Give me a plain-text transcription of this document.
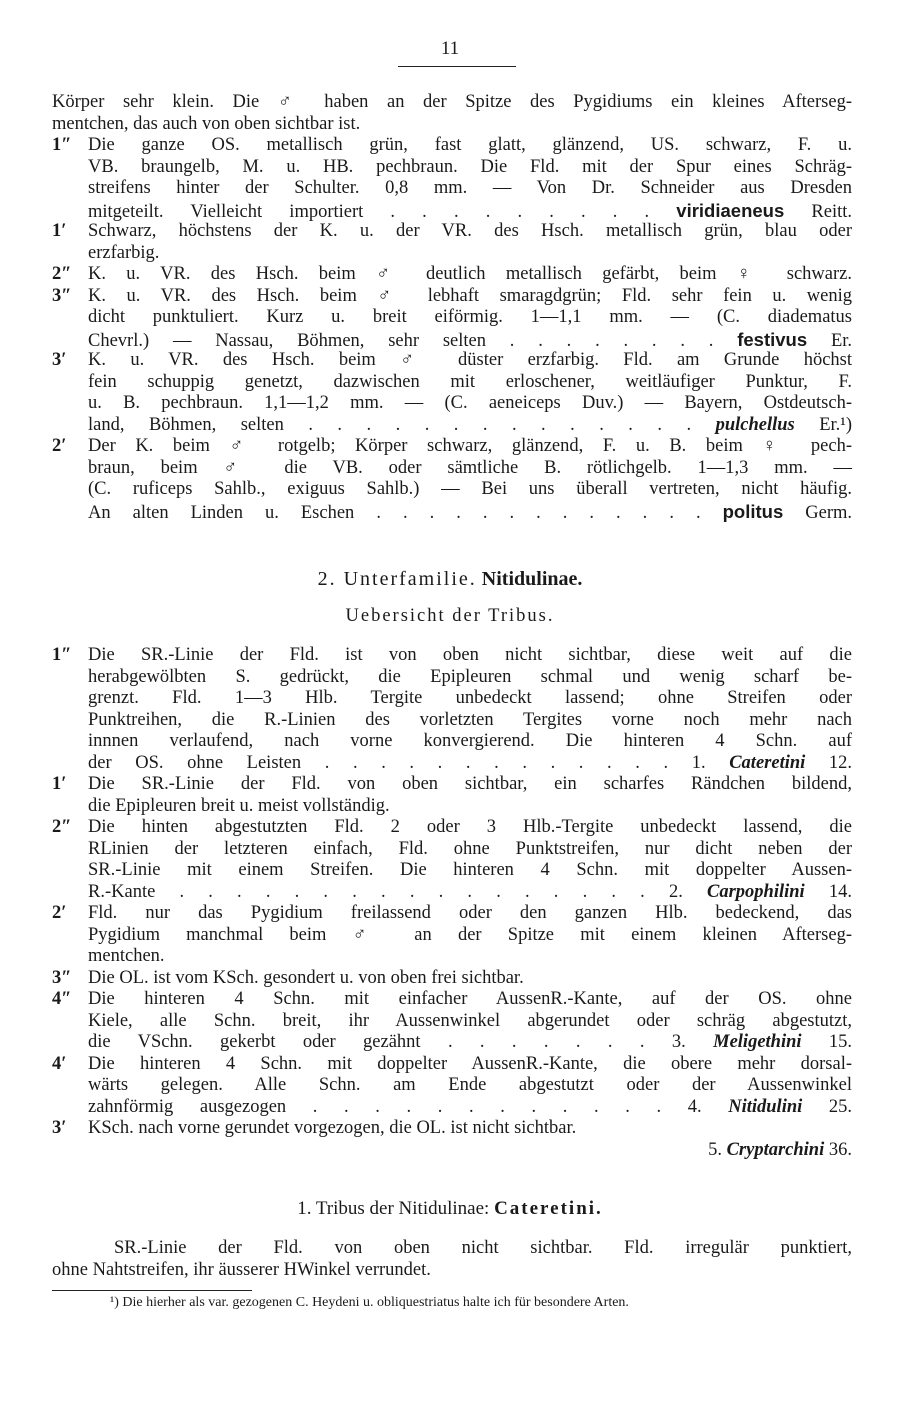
11
Körper sehr klein. Die ♂ haben an der Spitze des Pygidiums ein kleines Afterseg-
mentchen, das auch von oben sichtbar ist.
1″ Die ganze OS. metallisch grün, fast glatt, glänzend, US. schwarz, F. u.
VB. braungelb, M. u. HB. pechbraun. Die Fld. mit der Spur eines Schräg-
streifens hinter der Schulter. 0,8 mm. — Von Dr. Schneider aus Dresden
mitgeteilt. Vielleicht importiert . . . . . . . . . viridiaeneus Reitt.
1′	Schwarz, höchstens der K. u. der VR. des Hsch. metallisch grün, blau oder
erzfarbig.
2″ K. u. VR. des Hsch. beim ♂ deutlich metallisch gefärbt, beim ♀ schwarz.
3″ K. u. VR. des Hsch. beim ♂ lebhaft smaragdgrün; Fld. sehr fein u. wenig
dicht punktuliert. Kurz u. breit eiförmig. 1—1,1 mm. — (C. diadematus
Chevrl.) — Nassau, Böhmen, sehr selten . . . . . . . . festivus Er.
3′	K. u. VR. des Hsch. beim ♂ düster erzfarbig. Fld. am Grunde höchst
fein schuppig genetzt, dazwischen mit erloschener, weitläufiger Punktur, F.
u. B. pechbraun. 1,1—1,2 mm. — (C. aeneiceps Duv.) — Bayern, Ostdeutsch-
land, Böhmen, selten . . . . . . . . . . . . . . pulchellus Er.¹)
2′	Der K. beim ♂ rotgelb; Körper schwarz, glänzend, F. u. B. beim ♀ pech-
braun, beim ♂ die VB. oder sämtliche B. rötlichgelb. 1—1,3 mm. —
(C. ruficeps Sahlb., exiguus Sahlb.) — Bei uns überall vertreten, nicht häufig.
An alten Linden u. Eschen . . . . . . . . . . . . . politus Germ.
2. Unterfamilie. Nitidulinae.
Uebersicht der Tribus.
1″ Die SR.-Linie der Fld. ist von oben nicht sichtbar, diese weit auf die
herabgewölbten S. gedrückt, die Epipleuren schmal und wenig scharf be-
grenzt. Fld. 1—3 Hlb. Tergite unbedeckt lassend; ohne Streifen oder
Punktreihen, die R.-Linien des vorletzten Tergites vorne noch mehr nach
innnen verlaufend, nach vorne konvergierend. Die hinteren 4 Schn. auf
der OS. ohne Leisten . . . . . . . . . . . . . 1. Cateretini 12.
1′	Die SR.-Linie der Fld. von oben sichtbar, ein scharfes Rändchen bildend,
die Epipleuren breit u. meist vollständig.
2″ Die hinten abgestutzten Fld. 2 oder 3 Hlb.-Tergite unbedeckt lassend, die
RLinien der letzteren einfach, Fld. ohne Punktstreifen, nur dicht neben der
SR.-Linie mit einem Streifen. Die hinteren 4 Schn. mit doppelter Aussen-
R.-Kante . . . . . . . . . . . . . . . . . 2. Carpophilini 14.
2′	Fld. nur das Pygidium freilassend oder den ganzen Hlb. bedeckend, das
Pygidium manchmal beim ♂ an der Spitze mit einem kleinen Afterseg-
mentchen.
3″ Die OL. ist vom KSch. gesondert u. von oben frei sichtbar.
4″ Die hinteren 4 Schn. mit einfacher AussenR.-Kante, auf der OS. ohne
Kiele, alle Schn. breit, ihr Aussenwinkel abgerundet oder schräg abgestutzt,
die VSchn. gekerbt oder gezähnt . . . . . . . 3. Meligethini 15.
4′	Die hinteren 4 Schn. mit doppelter AussenR.-Kante, die obere mehr dorsal-
wärts gelegen. Alle Schn. am Ende abgestutzt oder der Aussenwinkel
zahnförmig ausgezogen . . . . . . . . . . . . 4. Nitidulini 25.
3′	KSch. nach vorne gerundet vorgezogen, die OL. ist nicht sichtbar.
5. Cryptarchini 36.
1. Tribus der Nitidulinae: Cateretini.
SR.-Linie der Fld. von oben nicht sichtbar. Fld. irregulär punktiert,
ohne Nahtstreifen, ihr äusserer HWinkel verrundet.
¹) Die hierher als var. gezogenen C. Heydeni u. obliquestriatus halte ich für besondere Arten.
